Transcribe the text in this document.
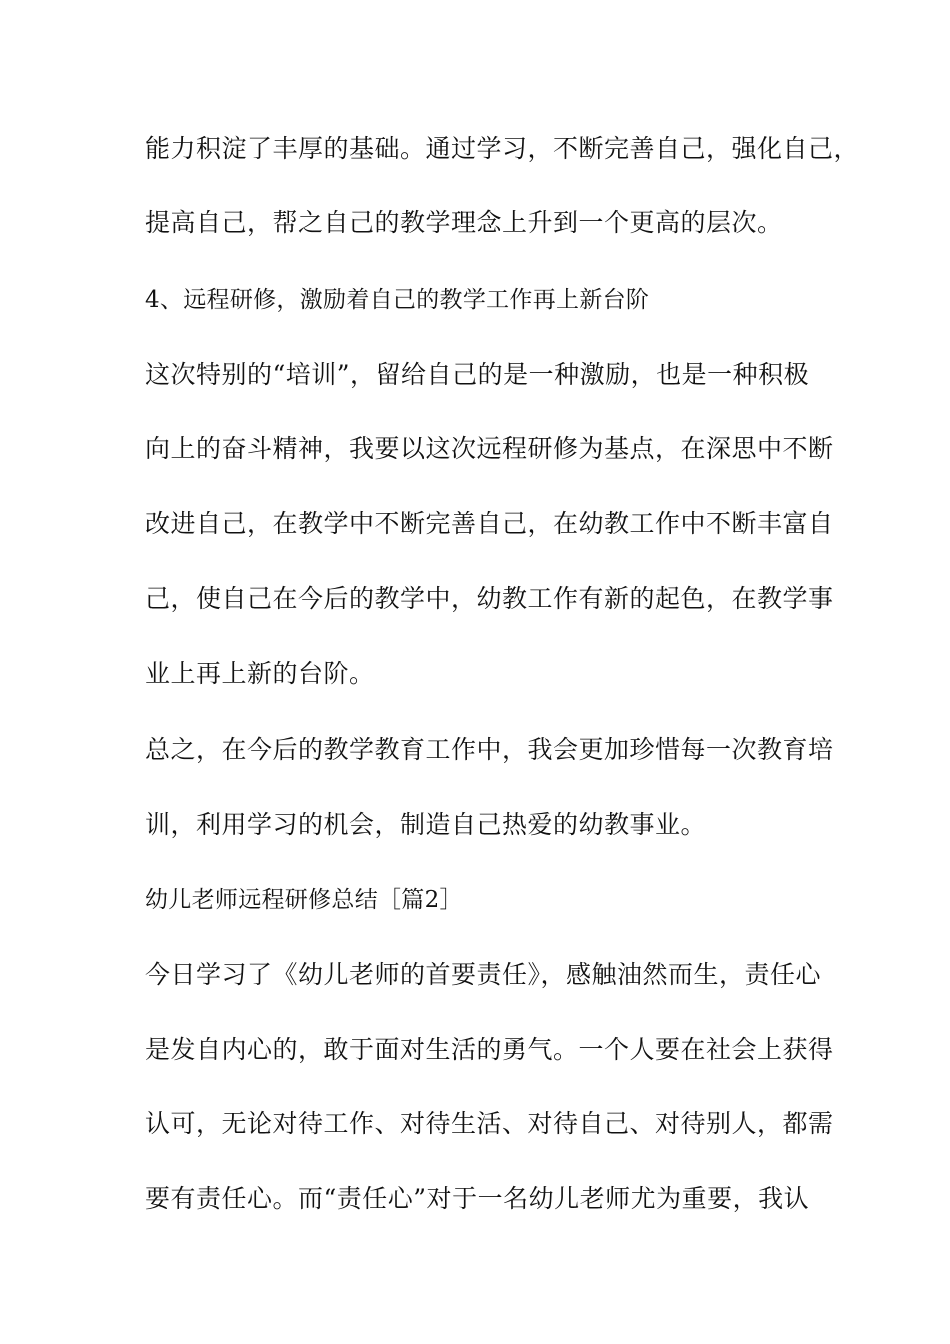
能力积淀了丰厚的基础。通过学习，不断完善自己，强化自己，
提高自己，帮之自己的教学理念上升到一个更高的层次。
4、远程研修，激励着自己的教学工作再上新台阶
这次特别的“培训”，留给自己的是一种激励，也是一种积极
向上的奋斗精神，我要以这次远程研修为基点，在深思中不断
改进自己，在教学中不断完善自己，在幼教工作中不断丰富自
己，使自己在今后的教学中，幼教工作有新的起色，在教学事
业上再上新的台阶。
总之，在今后的教学教育工作中，我会更加珍惜每一次教育培
训，利用学习的机会，制造自己热爱的幼教事业。
幼儿老师远程研修总结［篇2］
今日学习了《幼儿老师的首要责任》，感触油然而生，责任心
是发自内心的，敢于面对生活的勇气。一个人要在社会上获得
认可，无论对待工作、对待生活、对待自己、对待别人，都需
要有责任心。而“责任心”对于一名幼儿老师尤为重要，我认
